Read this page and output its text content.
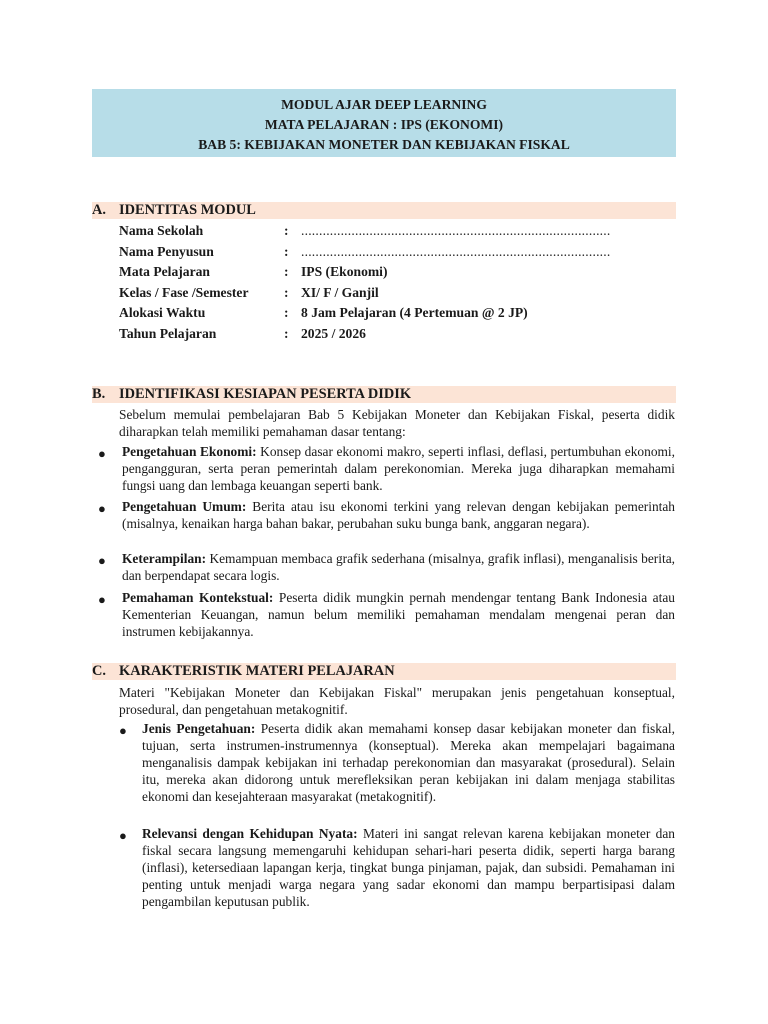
MODUL AJAR DEEP LEARNING
MATA PELAJARAN : IPS (EKONOMI)
BAB 5: KEBIJAKAN MONETER DAN KEBIJAKAN FISKAL
A. IDENTITAS MODUL
Nama Sekolah	: ......................................................................................
Nama Penyusun	: ......................................................................................
Mata Pelajaran	: IPS (Ekonomi)
Kelas / Fase /Semester	: XI/ F / Ganjil
Alokasi Waktu	: 8 Jam Pelajaran (4 Pertemuan @ 2 JP)
Tahun Pelajaran	: 2025 / 2026
B. IDENTIFIKASI KESIAPAN PESERTA DIDIK
Sebelum memulai pembelajaran Bab 5 Kebijakan Moneter dan Kebijakan Fiskal, peserta didik diharapkan telah memiliki pemahaman dasar tentang:
● Pengetahuan Ekonomi: Konsep dasar ekonomi makro, seperti inflasi, deflasi, pertumbuhan ekonomi, pengangguran, serta peran pemerintah dalam perekonomian. Mereka juga diharapkan memahami fungsi uang dan lembaga keuangan seperti bank.
● Pengetahuan Umum: Berita atau isu ekonomi terkini yang relevan dengan kebijakan pemerintah (misalnya, kenaikan harga bahan bakar, perubahan suku bunga bank, anggaran negara).
● Keterampilan: Kemampuan membaca grafik sederhana (misalnya, grafik inflasi), menganalisis berita, dan berpendapat secara logis.
● Pemahaman Kontekstual: Peserta didik mungkin pernah mendengar tentang Bank Indonesia atau Kementerian Keuangan, namun belum memiliki pemahaman mendalam mengenai peran dan instrumen kebijakannya.
C. KARAKTERISTIK MATERI PELAJARAN
Materi "Kebijakan Moneter dan Kebijakan Fiskal" merupakan jenis pengetahuan konseptual, prosedural, dan pengetahuan metakognitif.
● Jenis Pengetahuan: Peserta didik akan memahami konsep dasar kebijakan moneter dan fiskal, tujuan, serta instrumen-instrumennya (konseptual). Mereka akan mempelajari bagaimana menganalisis dampak kebijakan ini terhadap perekonomian dan masyarakat (prosedural). Selain itu, mereka akan didorong untuk merefleksikan peran kebijakan ini dalam menjaga stabilitas ekonomi dan kesejahteraan masyarakat (metakognitif).
● Relevansi dengan Kehidupan Nyata: Materi ini sangat relevan karena kebijakan moneter dan fiskal secara langsung memengaruhi kehidupan sehari-hari peserta didik, seperti harga barang (inflasi), ketersediaan lapangan kerja, tingkat bunga pinjaman, pajak, dan subsidi. Pemahaman ini penting untuk menjadi warga negara yang sadar ekonomi dan mampu berpartisipasi dalam pengambilan keputusan publik.
